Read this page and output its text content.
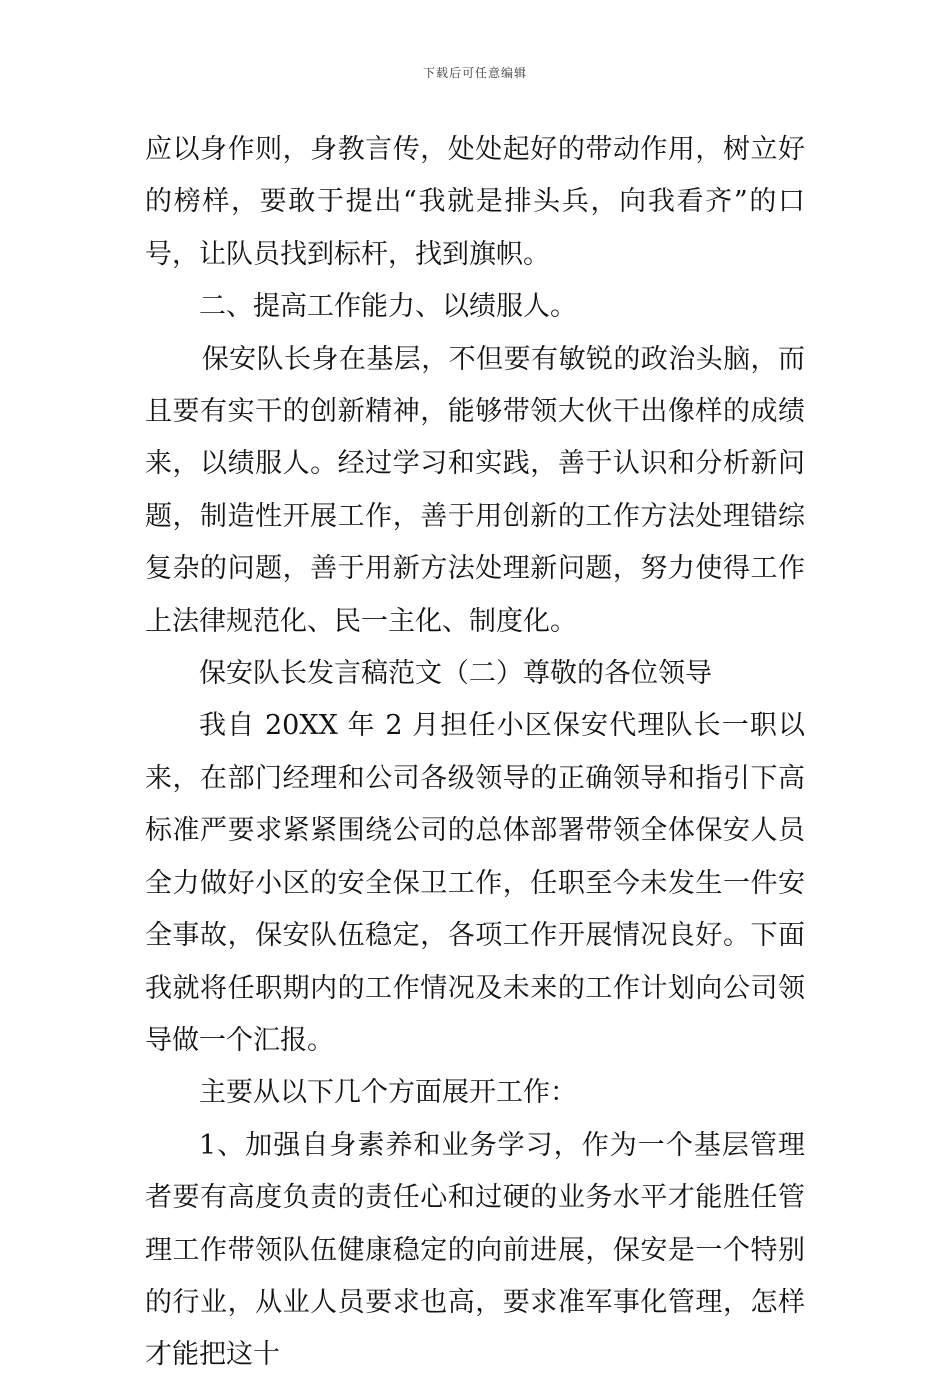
下载后可任意编辑

应以身作则，身教言传，处处起好的带动作用，树立好的榜样，要敢于提出“我就是排头兵，向我看齐”的口号，让队员找到标杆，找到旗帜。

二、提高工作能力、以绩服人。

保安队长身在基层，不但要有敏锐的政治头脑，而且要有实干的创新精神，能够带领大伙干出像样的成绩来，以绩服人。经过学习和实践，善于认识和分析新问题，制造性开展工作，善于用创新的工作方法处理错综复杂的问题，善于用新方法处理新问题，努力使得工作上法律规范化、民一主化、制度化。

保安队长发言稿范文（二）尊敬的各位领导

我自 20XX 年 2 月担任小区保安代理队长一职以来，在部门经理和公司各级领导的正确领导和指引下高标准严要求紧紧围绕公司的总体部署带领全体保安人员全力做好小区的安全保卫工作，任职至今未发生一件安全事故，保安队伍稳定，各项工作开展情况良好。下面我就将任职期内的工作情况及未来的工作计划向公司领导做一个汇报。

主要从以下几个方面展开工作：

1、加强自身素养和业务学习，作为一个基层管理者要有高度负责的责任心和过硬的业务水平才能胜任管理工作带领队伍健康稳定的向前进展，保安是一个特别的行业，从业人员要求也高，要求准军事化管理，怎样才能把这十
